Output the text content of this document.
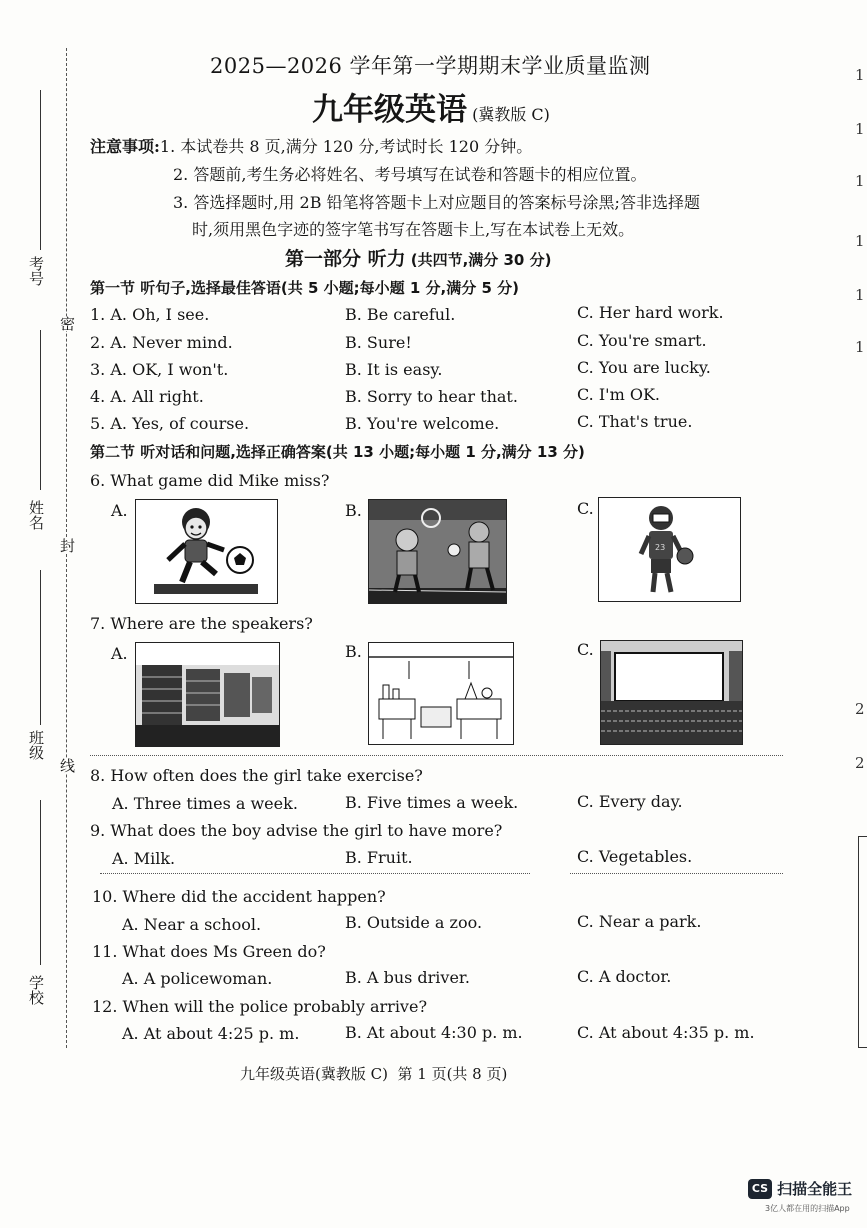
考号
姓名
班级
学校
密
封
线
2025—2026 学年第一学期期末学业质量监测
九年级英语 (冀教版 C)
注意事项:1. 本试卷共 8 页,满分 120 分,考试时长 120 分钟。
2. 答题前,考生务必将姓名、考号填写在试卷和答题卡的相应位置。
3. 答选择题时,用 2B 铅笔将答题卡上对应题目的答案标号涂黑;答非选择题
时,须用黑色字迹的签字笔书写在答题卡上,写在本试卷上无效。
第一部分 听力 (共四节,满分 30 分)
第一节 听句子,选择最佳答语(共 5 小题;每小题 1 分,满分 5 分)
1. A. Oh, I see.	B. Be careful.	C. Her hard work.
2. A. Never mind.	B. Sure!	C. You're smart.
3. A. OK, I won't.	B. It is easy.	C. You are lucky.
4. A. All right.	B. Sorry to hear that.	C. I'm OK.
5. A. Yes, of course.	B. You're welcome.	C. That's true.
第二节 听对话和问题,选择正确答案(共 13 小题;每小题 1 分,满分 13 分)
6. What game did Mike miss?
A.	B.	C.
23
7. Where are the speakers?
A.	B.	C.
8. How often does the girl take exercise?
A. Three times a week.	B. Five times a week.	C. Every day.
9. What does the boy advise the girl to have more?
A. Milk.	B. Fruit.	C. Vegetables.
10. Where did the accident happen?
A. Near a school.	B. Outside a zoo.	C. Near a park.
11. What does Ms Green do?
A. A policewoman.	B. A bus driver.	C. A doctor.
12. When will the police probably arrive?
A. At about 4:25 p. m.	B. At about 4:30 p. m.	C. At about 4:35 p. m.
九年级英语(冀教版 C)  第 1 页(共 8 页)
1
1
1
1
1
1
2
2
CS 扫描全能王
3亿人都在用的扫描App
